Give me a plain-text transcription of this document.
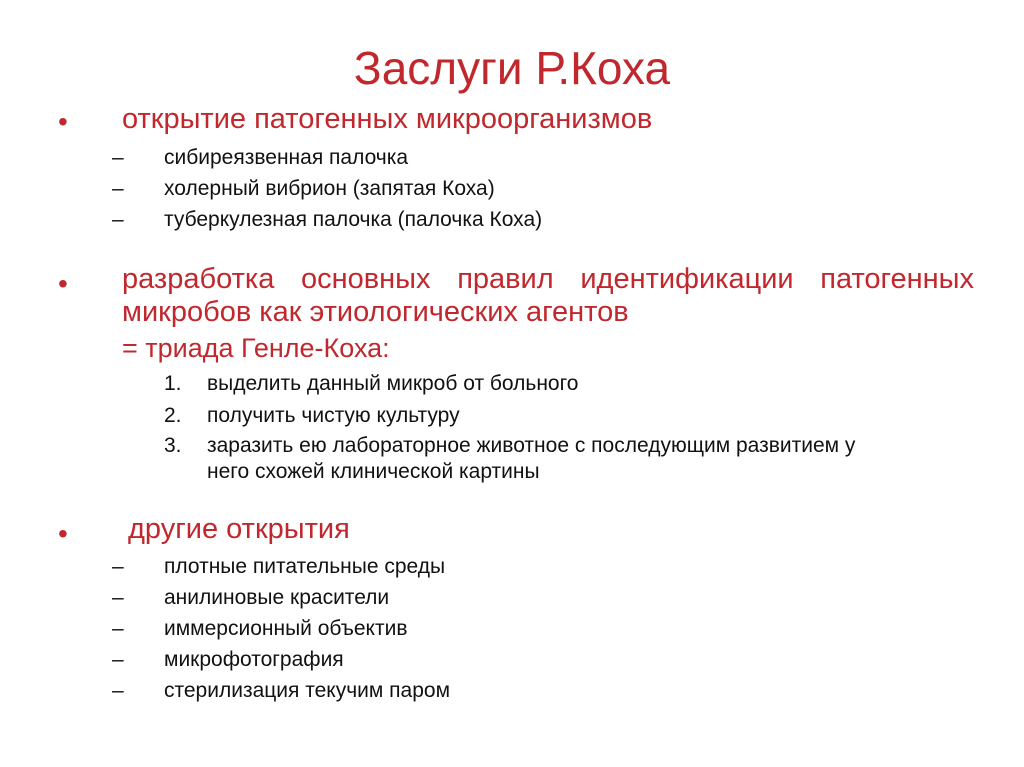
Заслуги Р.Коха
• открытие патогенных микроорганизмов
–	сибиреязвенная палочка
–	холерный вибрион (запятая Коха)
–	туберкулезная палочка (палочка Коха)
• разработка основных правил идентификации патогенных микробов как этиологических агентов
= триада Генле-Коха:
1. выделить данный микроб от больного
2. получить чистую культуру
3. заразить ею лабораторное животное с последующим развитием у него схожей клинической картины
• другие открытия
–	плотные питательные среды
–	анилиновые красители
–	иммерсионный объектив
–	микрофотография
–	стерилизация текучим паром
